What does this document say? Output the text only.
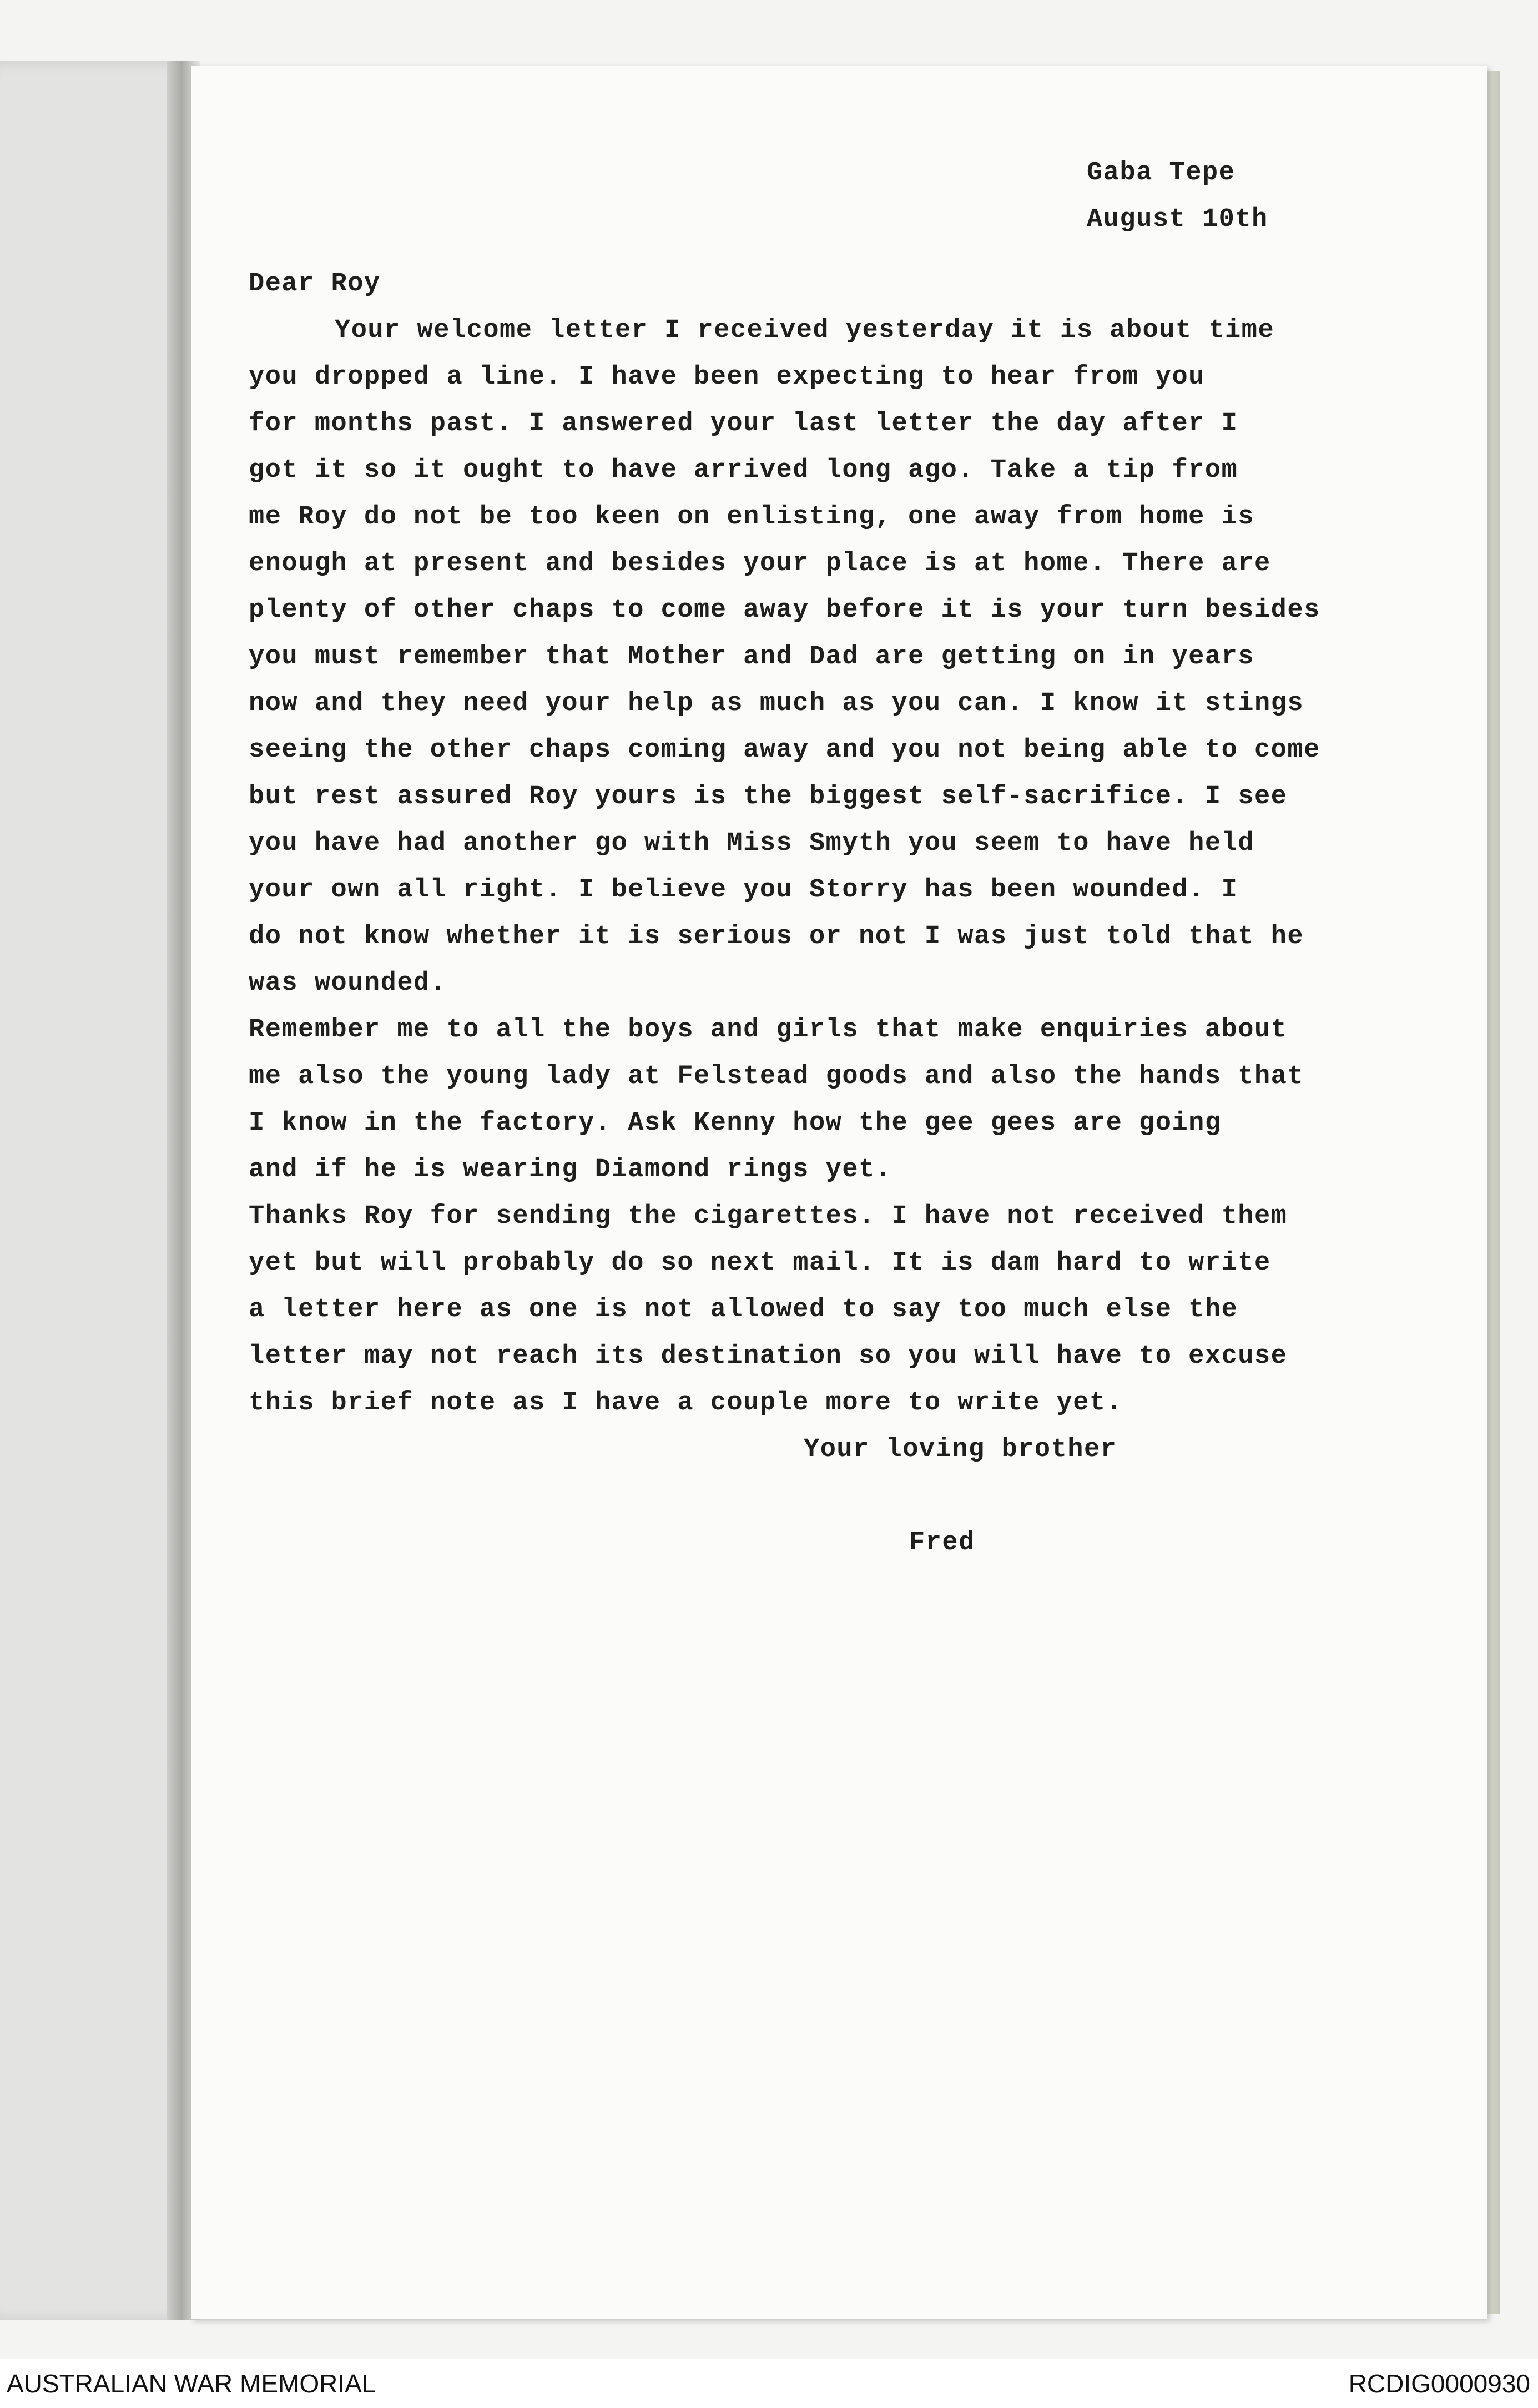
Gaba Tepe
August 10th
Dear Roy

Your welcome letter I received yesterday it is about time
you dropped a line. I have been expecting to hear from you
for months past. I answered your last letter the day after I
got it so it ought to have arrived long ago. Take a tip from
me Roy do not be too keen on enlisting, one away from home is
enough at present and besides your place is at home. There are
plenty of other chaps to come away before it is your turn besides
you must remember that Mother and Dad are getting on in years
now and they need your help as much as you can. I know it stings
seeing the other chaps coming away and you not being able to come
but rest assured Roy yours is the biggest self-sacrifice. I see
you have had another go with Miss Smyth you seem to have held
your own all right. I believe you Storry has been wounded. I
do not know whether it is serious or not I was just told that he
was wounded.

Remember me to all the boys and girls that make enquiries about
me also the young lady at Felstead goods and also the hands that
I know in the factory. Ask Kenny how the gee gees are going
and if he is wearing Diamond rings yet.

Thanks Roy for sending the cigarettes. I have not received them
yet but will probably do so next mail. It is dam hard to write
a letter here as one is not allowed to say too much else the
letter may not reach its destination so you will have to excuse
this brief note as I have a couple more to write yet.

Your loving brother
Fred
AUSTRALIAN WAR MEMORIAL	RCDIG0000930
